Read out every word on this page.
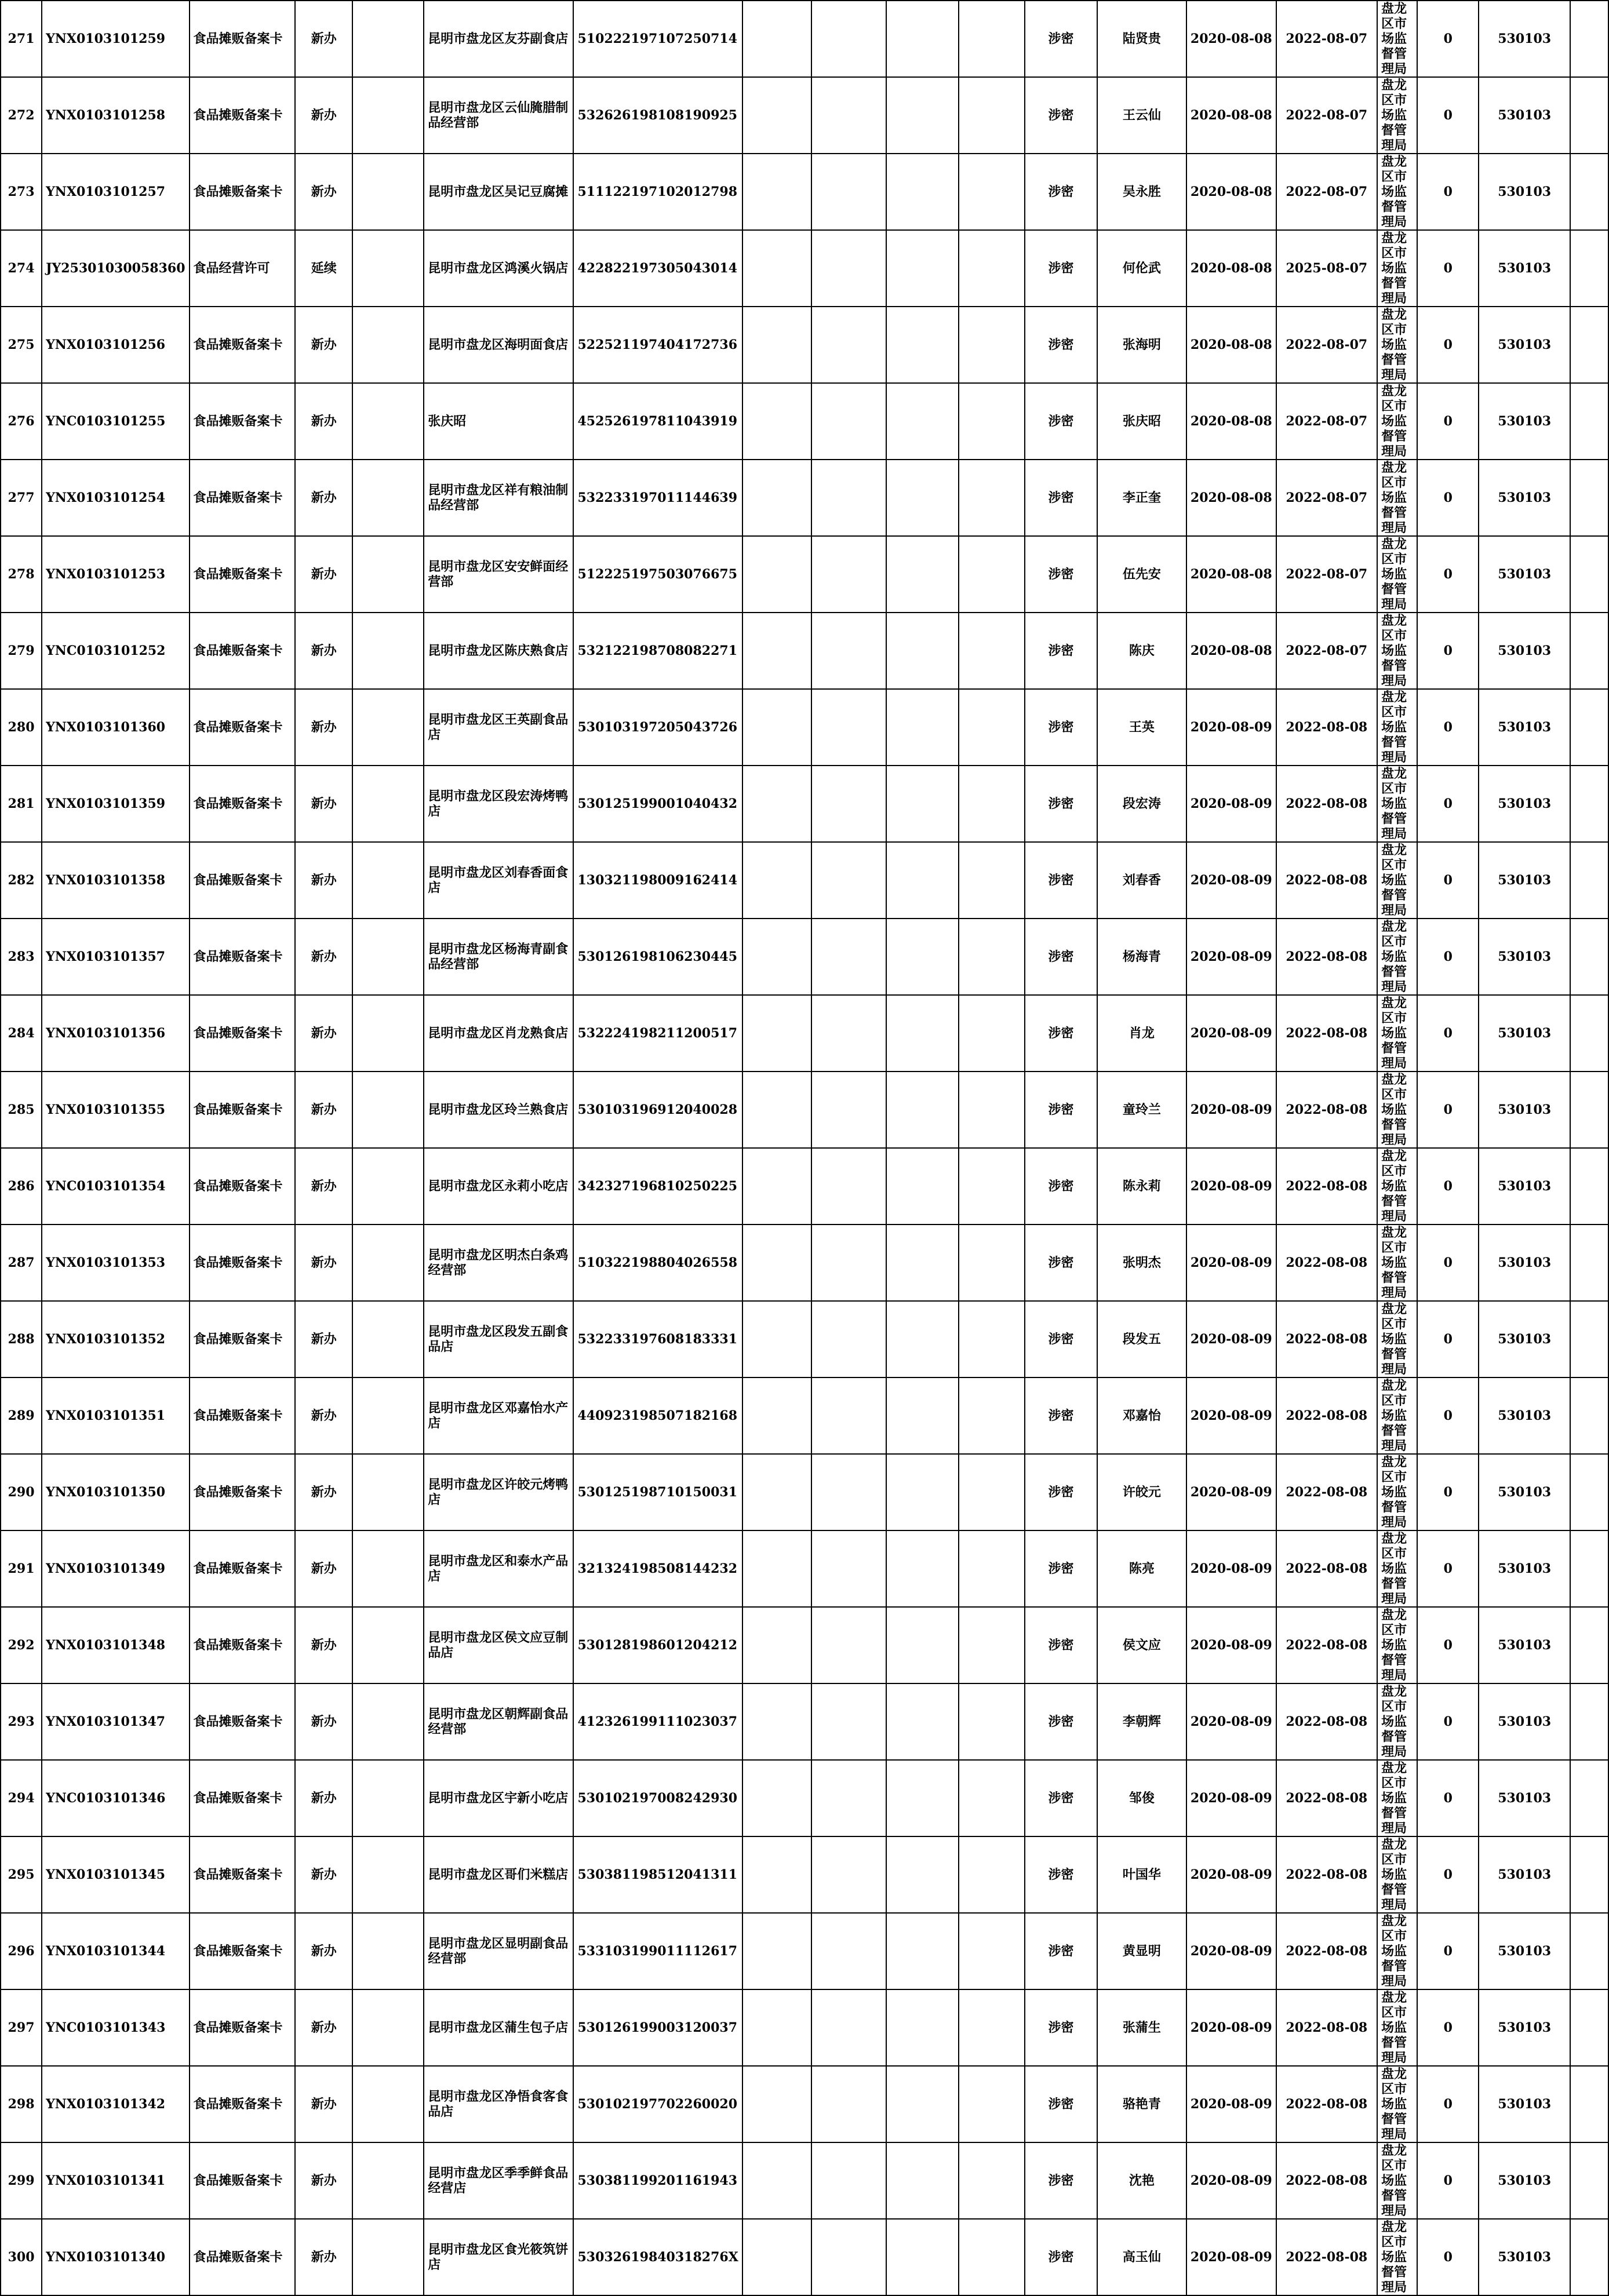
271	YNX0103101259	食品摊贩备案卡	新办		昆明市盘龙区友芬副食店	510222197107250714					涉密	陆贤贵	2020-08-08	2022-08-07	盘龙区市场监督管理局	0	530103	
272	YNX0103101258	食品摊贩备案卡	新办		昆明市盘龙区云仙腌腊制品经营部	532626198108190925					涉密	王云仙	2020-08-08	2022-08-07	盘龙区市场监督管理局	0	530103	
273	YNX0103101257	食品摊贩备案卡	新办		昆明市盘龙区吴记豆腐摊	511122197102012798					涉密	吴永胜	2020-08-08	2022-08-07	盘龙区市场监督管理局	0	530103	
274	JY25301030058360	食品经营许可	延续		昆明市盘龙区鸿溪火锅店	422822197305043014					涉密	何伦武	2020-08-08	2025-08-07	盘龙区市场监督管理局	0	530103	
275	YNX0103101256	食品摊贩备案卡	新办		昆明市盘龙区海明面食店	522521197404172736					涉密	张海明	2020-08-08	2022-08-07	盘龙区市场监督管理局	0	530103	
276	YNC0103101255	食品摊贩备案卡	新办		张庆昭	452526197811043919					涉密	张庆昭	2020-08-08	2022-08-07	盘龙区市场监督管理局	0	530103	
277	YNX0103101254	食品摊贩备案卡	新办		昆明市盘龙区祥有粮油制品经营部	532233197011144639					涉密	李正奎	2020-08-08	2022-08-07	盘龙区市场监督管理局	0	530103	
278	YNX0103101253	食品摊贩备案卡	新办		昆明市盘龙区安安鲜面经营部	512225197503076675					涉密	伍先安	2020-08-08	2022-08-07	盘龙区市场监督管理局	0	530103	
279	YNC0103101252	食品摊贩备案卡	新办		昆明市盘龙区陈庆熟食店	532122198708082271					涉密	陈庆	2020-08-08	2022-08-07	盘龙区市场监督管理局	0	530103	
280	YNX0103101360	食品摊贩备案卡	新办		昆明市盘龙区王英副食品店	530103197205043726					涉密	王英	2020-08-09	2022-08-08	盘龙区市场监督管理局	0	530103	
281	YNX0103101359	食品摊贩备案卡	新办		昆明市盘龙区段宏涛烤鸭店	530125199001040432					涉密	段宏涛	2020-08-09	2022-08-08	盘龙区市场监督管理局	0	530103	
282	YNX0103101358	食品摊贩备案卡	新办		昆明市盘龙区刘春香面食店	130321198009162414					涉密	刘春香	2020-08-09	2022-08-08	盘龙区市场监督管理局	0	530103	
283	YNX0103101357	食品摊贩备案卡	新办		昆明市盘龙区杨海青副食品经营部	530126198106230445					涉密	杨海青	2020-08-09	2022-08-08	盘龙区市场监督管理局	0	530103	
284	YNX0103101356	食品摊贩备案卡	新办		昆明市盘龙区肖龙熟食店	532224198211200517					涉密	肖龙	2020-08-09	2022-08-08	盘龙区市场监督管理局	0	530103	
285	YNX0103101355	食品摊贩备案卡	新办		昆明市盘龙区玲兰熟食店	530103196912040028					涉密	童玲兰	2020-08-09	2022-08-08	盘龙区市场监督管理局	0	530103	
286	YNC0103101354	食品摊贩备案卡	新办		昆明市盘龙区永莉小吃店	342327196810250225					涉密	陈永莉	2020-08-09	2022-08-08	盘龙区市场监督管理局	0	530103	
287	YNX0103101353	食品摊贩备案卡	新办		昆明市盘龙区明杰白条鸡经营部	510322198804026558					涉密	张明杰	2020-08-09	2022-08-08	盘龙区市场监督管理局	0	530103	
288	YNX0103101352	食品摊贩备案卡	新办		昆明市盘龙区段发五副食品店	532233197608183331					涉密	段发五	2020-08-09	2022-08-08	盘龙区市场监督管理局	0	530103	
289	YNX0103101351	食品摊贩备案卡	新办		昆明市盘龙区邓嘉怡水产店	440923198507182168					涉密	邓嘉怡	2020-08-09	2022-08-08	盘龙区市场监督管理局	0	530103	
290	YNX0103101350	食品摊贩备案卡	新办		昆明市盘龙区许皎元烤鸭店	530125198710150031					涉密	许皎元	2020-08-09	2022-08-08	盘龙区市场监督管理局	0	530103	
291	YNX0103101349	食品摊贩备案卡	新办		昆明市盘龙区和泰水产品店	321324198508144232					涉密	陈亮	2020-08-09	2022-08-08	盘龙区市场监督管理局	0	530103	
292	YNX0103101348	食品摊贩备案卡	新办		昆明市盘龙区侯文应豆制品店	530128198601204212					涉密	侯文应	2020-08-09	2022-08-08	盘龙区市场监督管理局	0	530103	
293	YNX0103101347	食品摊贩备案卡	新办		昆明市盘龙区朝辉副食品经营部	412326199111023037					涉密	李朝辉	2020-08-09	2022-08-08	盘龙区市场监督管理局	0	530103	
294	YNC0103101346	食品摊贩备案卡	新办		昆明市盘龙区宇新小吃店	530102197008242930					涉密	邹俊	2020-08-09	2022-08-08	盘龙区市场监督管理局	0	530103	
295	YNX0103101345	食品摊贩备案卡	新办		昆明市盘龙区哥们米糕店	530381198512041311					涉密	叶国华	2020-08-09	2022-08-08	盘龙区市场监督管理局	0	530103	
296	YNX0103101344	食品摊贩备案卡	新办		昆明市盘龙区显明副食品经营部	533103199011112617					涉密	黄显明	2020-08-09	2022-08-08	盘龙区市场监督管理局	0	530103	
297	YNC0103101343	食品摊贩备案卡	新办		昆明市盘龙区蒲生包子店	530126199003120037					涉密	张蒲生	2020-08-09	2022-08-08	盘龙区市场监督管理局	0	530103	
298	YNX0103101342	食品摊贩备案卡	新办		昆明市盘龙区净悟食客食品店	530102197702260020					涉密	骆艳青	2020-08-09	2022-08-08	盘龙区市场监督管理局	0	530103	
299	YNX0103101341	食品摊贩备案卡	新办		昆明市盘龙区季季鲜食品经营店	530381199201161943					涉密	沈艳	2020-08-09	2022-08-08	盘龙区市场监督管理局	0	530103	
300	YNX0103101340	食品摊贩备案卡	新办		昆明市盘龙区食光筱筑饼店	53032619840318276X					涉密	高玉仙	2020-08-09	2022-08-08	盘龙区市场监督管理局	0	530103	
